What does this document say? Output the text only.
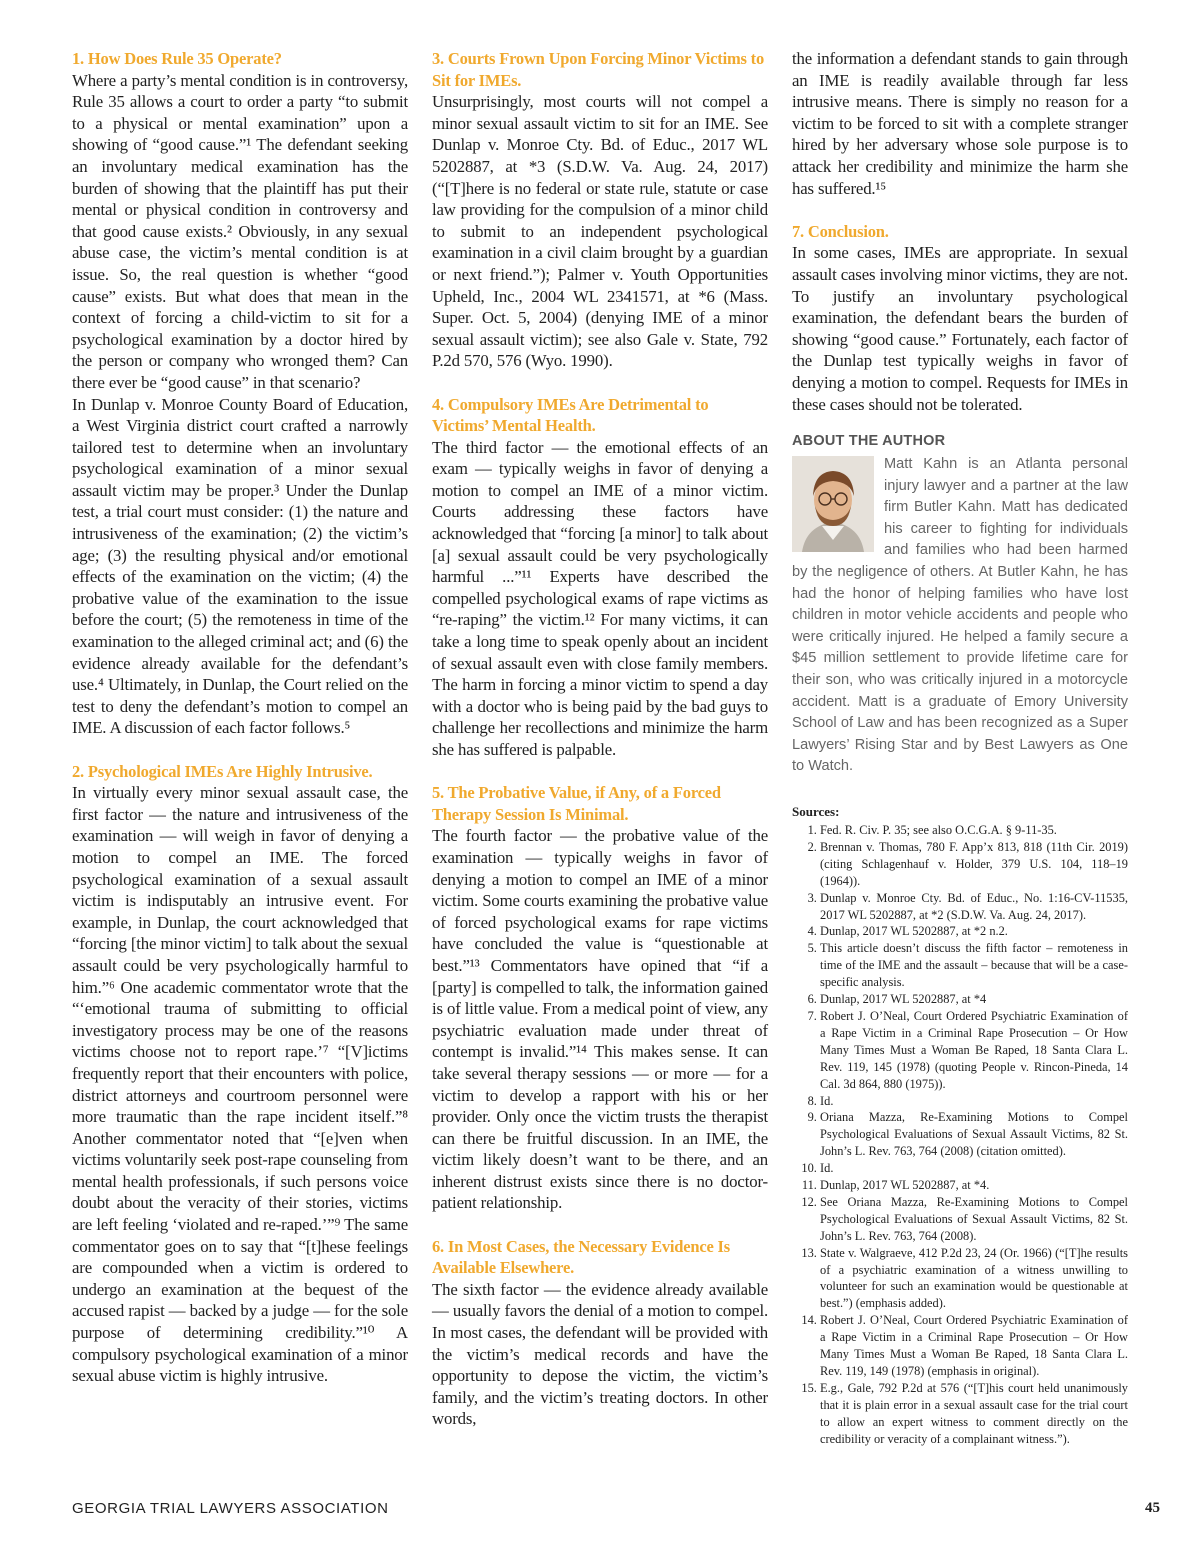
1. How Does Rule 35 Operate?

Where a party’s mental condition is in controversy, Rule 35 allows a court to order a party “to submit to a physical or mental examination” upon a showing of “good cause.”¹ The defendant seeking an involuntary medical examination has the burden of showing that the plaintiff has put their mental or physical condition in controversy and that good cause exists.² Obviously, in any sexual abuse case, the victim’s mental condition is at issue. So, the real question is whether “good cause” exists. But what does that mean in the context of forcing a child-victim to sit for a psychological examination by a doctor hired by the person or company who wronged them? Can there ever be “good cause” in that scenario?

In Dunlap v. Monroe County Board of Education, a West Virginia district court crafted a narrowly tailored test to determine when an involuntary psychological examination of a minor sexual assault victim may be proper.³ Under the Dunlap test, a trial court must consider: (1) the nature and intrusiveness of the examination; (2) the victim’s age; (3) the resulting physical and/or emotional effects of the examination on the victim; (4) the probative value of the examination to the issue before the court; (5) the remoteness in time of the examination to the alleged criminal act; and (6) the evidence already available for the defendant’s use.⁴ Ultimately, in Dunlap, the Court relied on the test to deny the defendant’s motion to compel an IME. A discussion of each factor follows.⁵

2. Psychological IMEs Are Highly Intrusive.

In virtually every minor sexual assault case, the first factor — the nature and intrusiveness of the examination — will weigh in favor of denying a motion to compel an IME. The forced psychological examination of a sexual assault victim is indisputably an intrusive event. For example, in Dunlap, the court acknowledged that “forcing [the minor victim] to talk about the sexual assault could be very psychologically harmful to him.”⁶ One academic commentator wrote that the “‘emotional trauma of submitting to official investigatory process may be one of the reasons victims choose not to report rape.’⁷ “[V]ictims frequently report that their encounters with police, district attorneys and courtroom personnel were more traumatic than the rape incident itself.”⁸ Another commentator noted that “[e]ven when victims voluntarily seek post-rape counseling from mental health professionals, if such persons voice doubt about the veracity of their stories, victims are left feeling ‘violated and re-raped.’”⁹ The same commentator goes on to say that “[t]hese feelings are compounded when a victim is ordered to undergo an examination at the bequest of the accused rapist — backed by a judge — for the sole purpose of determining credibility.”¹⁰ A compulsory psychological examination of a minor sexual abuse victim is highly intrusive.

3. Courts Frown Upon Forcing Minor Victims to Sit for IMEs.

Unsurprisingly, most courts will not compel a minor sexual assault victim to sit for an IME. See Dunlap v. Monroe Cty. Bd. of Educ., 2017 WL 5202887, at *3 (S.D.W. Va. Aug. 24, 2017) (“[T]here is no federal or state rule, statute or case law providing for the compulsion of a minor child to submit to an independent psychological examination in a civil claim brought by a guardian or next friend.”); Palmer v. Youth Opportunities Upheld, Inc., 2004 WL 2341571, at *6 (Mass. Super. Oct. 5, 2004) (denying IME of a minor sexual assault victim); see also Gale v. State, 792 P.2d 570, 576 (Wyo. 1990).

4. Compulsory IMEs Are Detrimental to Victims’ Mental Health.

The third factor — the emotional effects of an exam — typically weighs in favor of denying a motion to compel an IME of a minor victim. Courts addressing these factors have acknowledged that “forcing [a minor] to talk about [a] sexual assault could be very psychologically harmful ...”¹¹ Experts have described the compelled psychological exams of rape victims as “re-raping” the victim.¹² For many victims, it can take a long time to speak openly about an incident of sexual assault even with close family members. The harm in forcing a minor victim to spend a day with a doctor who is being paid by the bad guys to challenge her recollections and minimize the harm she has suffered is palpable.

5. The Probative Value, if Any, of a Forced Therapy Session Is Minimal.

The fourth factor — the probative value of the examination — typically weighs in favor of denying a motion to compel an IME of a minor victim. Some courts examining the probative value of forced psychological exams for rape victims have concluded the value is “questionable at best.”¹³ Commentators have opined that “if a [party] is compelled to talk, the information gained is of little value. From a medical point of view, any psychiatric evaluation made under threat of contempt is invalid.”¹⁴ This makes sense. It can take several therapy sessions — or more — for a victim to develop a rapport with his or her provider. Only once the victim trusts the therapist can there be fruitful discussion. In an IME, the victim likely doesn’t want to be there, and an inherent distrust exists since there is no doctor-patient relationship.

6. In Most Cases, the Necessary Evidence Is Available Elsewhere.

The sixth factor — the evidence already available — usually favors the denial of a motion to compel. In most cases, the defendant will be provided with the victim’s medical records and have the opportunity to depose the victim, the victim’s family, and the victim’s treating doctors. In other words,

the information a defendant stands to gain through an IME is readily available through far less intrusive means. There is simply no reason for a victim to be forced to sit with a complete stranger hired by her adversary whose sole purpose is to attack her credibility and minimize the harm she has suffered.¹⁵

7. Conclusion.

In some cases, IMEs are appropriate. In sexual assault cases involving minor victims, they are not. To justify an involuntary psychological examination, the defendant bears the burden of showing “good cause.” Fortunately, each factor of the Dunlap test typically weighs in favor of denying a motion to compel. Requests for IMEs in these cases should not be tolerated.

ABOUT THE AUTHOR
Matt Kahn is an Atlanta personal injury lawyer and a partner at the law firm Butler Kahn. Matt has dedicated his career to fighting for individuals and families who had been harmed by the negligence of others. At Butler Kahn, he has had the honor of helping families who have lost children in motor vehicle accidents and people who were critically injured. He helped a family secure a $45 million settlement to provide lifetime care for their son, who was critically injured in a motorcycle accident. Matt is a graduate of Emory University School of Law and has been recognized as a Super Lawyers’ Rising Star and by Best Lawyers as One to Watch.
Sources:
1. Fed. R. Civ. P. 35; see also O.C.G.A. § 9-11-35.
2. Brennan v. Thomas, 780 F. App’x 813, 818 (11th Cir. 2019) (citing Schlagenhauf v. Holder, 379 U.S. 104, 118–19 (1964)).
3. Dunlap v. Monroe Cty. Bd. of Educ., No. 1:16-CV-11535, 2017 WL 5202887, at *2 (S.D.W. Va. Aug. 24, 2017).
4. Dunlap, 2017 WL 5202887, at *2 n.2.
5. This article doesn’t discuss the fifth factor – remoteness in time of the IME and the assault – because that will be a case-specific analysis.
6. Dunlap, 2017 WL 5202887, at *4
7. Robert J. O’Neal, Court Ordered Psychiatric Examination of a Rape Victim in a Criminal Rape Prosecution – Or How Many Times Must a Woman Be Raped, 18 Santa Clara L. Rev. 119, 145 (1978) (quoting People v. Rincon-Pineda, 14 Cal. 3d 864, 880 (1975)).
8. Id.
9. Oriana Mazza, Re-Examining Motions to Compel Psychological Evaluations of Sexual Assault Victims, 82 St. John’s L. Rev. 763, 764 (2008) (citation omitted).
10. Id.
11. Dunlap, 2017 WL 5202887, at *4.
12. See Oriana Mazza, Re-Examining Motions to Compel Psychological Evaluations of Sexual Assault Victims, 82 St. John’s L. Rev. 763, 764 (2008).
13. State v. Walgraeve, 412 P.2d 23, 24 (Or. 1966) (“[T]he results of a psychiatric examination of a witness unwilling to volunteer for such an examination would be questionable at best.”) (emphasis added).
14. Robert J. O’Neal, Court Ordered Psychiatric Examination of a Rape Victim in a Criminal Rape Prosecution – Or How Many Times Must a Woman Be Raped, 18 Santa Clara L. Rev. 119, 149 (1978) (emphasis in original).
15. E.g., Gale, 792 P.2d at 576 (“[T]his court held unanimously that it is plain error in a sexual assault case for the trial court to allow an expert witness to comment directly on the credibility or veracity of a complainant witness.”).
GEORGIA TRIAL LAWYERS ASSOCIATION	45
